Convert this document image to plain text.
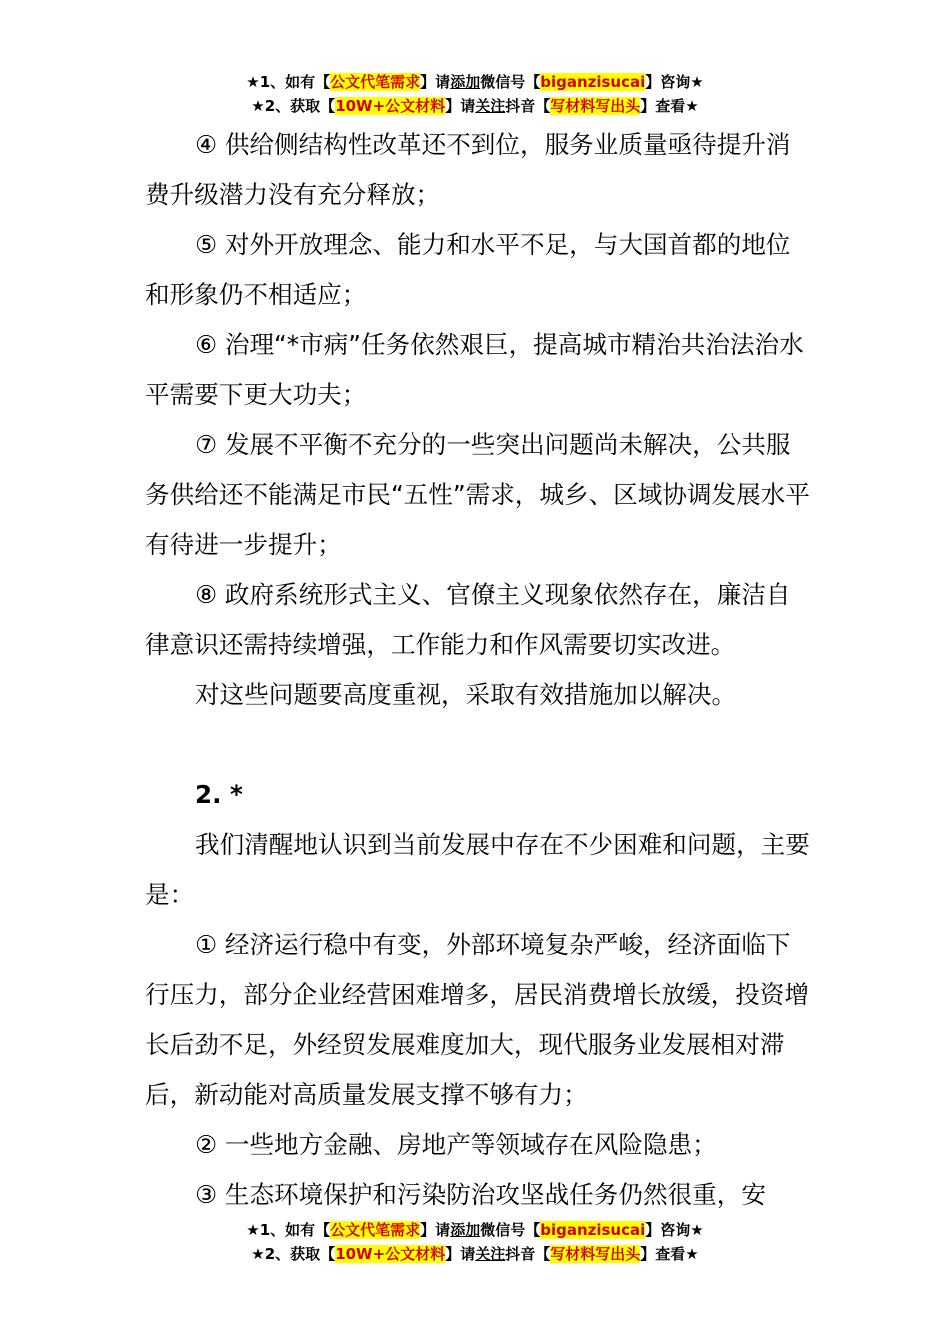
★1、如有【公文代笔需求】请添加微信号【biganzisucai】咨询★
★2、获取【10W+公文材料】请关注抖音【写材料写出头】查看★

④ 供给侧结构性改革还不到位，服务业质量亟待提升消费升级潜力没有充分释放；

⑤ 对外开放理念、能力和水平不足，与大国首都的地位和形象仍不相适应；

⑥ 治理“*市病”任务依然艰巨，提高城市精治共治法治水平需要下更大功夫；

⑦ 发展不平衡不充分的一些突出问题尚未解决，公共服务供给还不能满足市民“五性”需求，城乡、区域协调发展水平有待进一步提升；

⑧ 政府系统形式主义、官僚主义现象依然存在，廉洁自律意识还需持续增强，工作能力和作风需要切实改进。

对这些问题要高度重视，采取有效措施加以解决。

2. *

我们清醒地认识到当前发展中存在不少困难和问题，主要是：

① 经济运行稳中有变，外部环境复杂严峻，经济面临下行压力，部分企业经营困难增多，居民消费增长放缓，投资增长后劲不足，外经贸发展难度加大，现代服务业发展相对滞后，新动能对高质量发展支撑不够有力；

② 一些地方金融、房地产等领域存在风险隐患；

③ 生态环境保护和污染防治攻坚战任务仍然很重，安

★1、如有【公文代笔需求】请添加微信号【biganzisucai】咨询★
★2、获取【10W+公文材料】请关注抖音【写材料写出头】查看★
